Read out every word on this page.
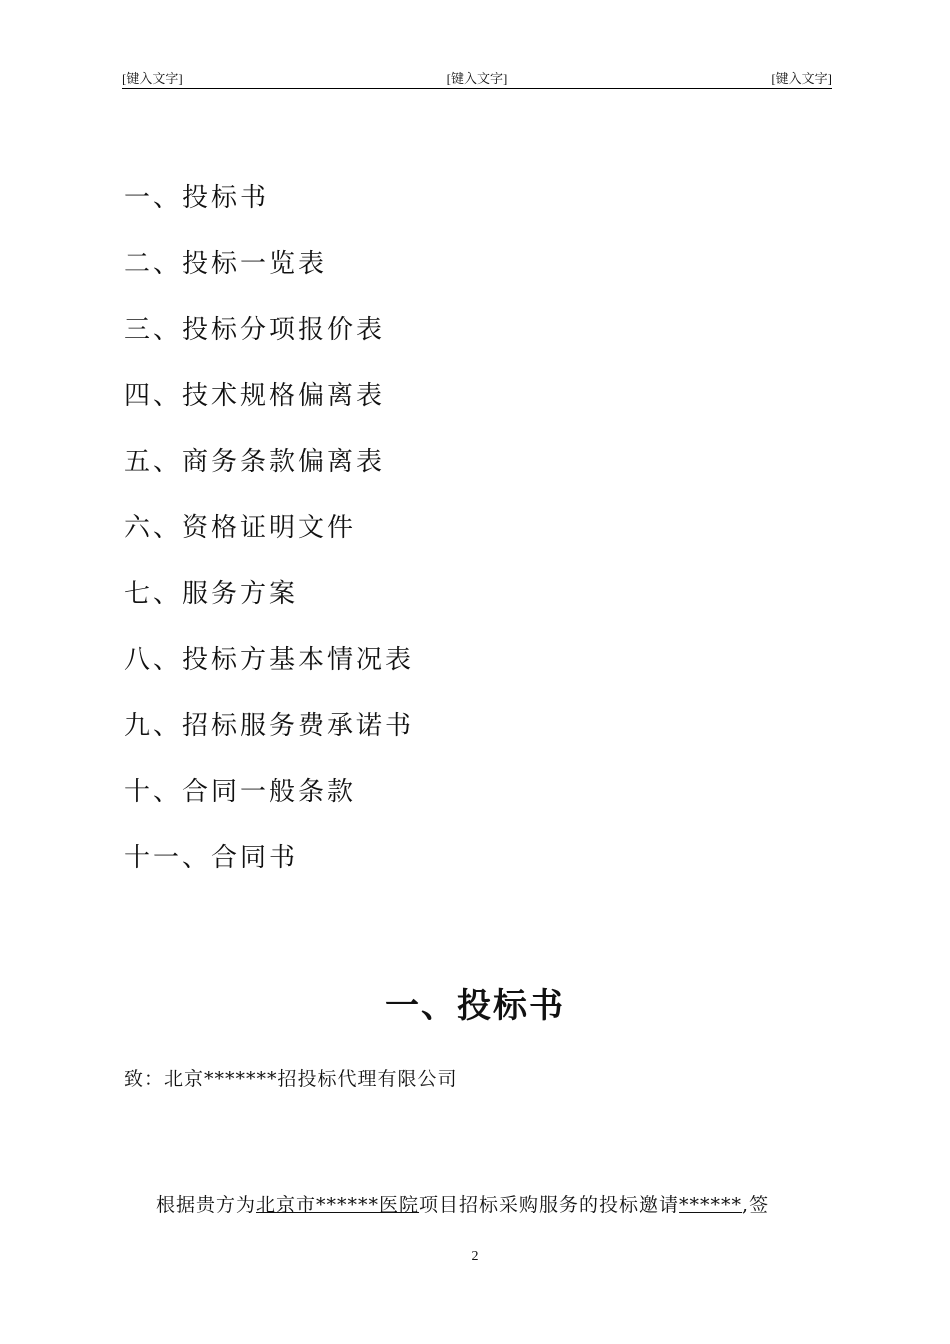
[键入文字]	[键入文字]	[键入文字]
一、投标书
二、投标一览表
三、投标分项报价表
四、技术规格偏离表
五、商务条款偏离表
六、资格证明文件
七、服务方案
八、投标方基本情况表
九、招标服务费承诺书
十、合同一般条款
十一、合同书
一、投标书
致：北京*******招投标代理有限公司
根据贵方为北京市******医院项目招标采购服务的投标邀请******,签
2
